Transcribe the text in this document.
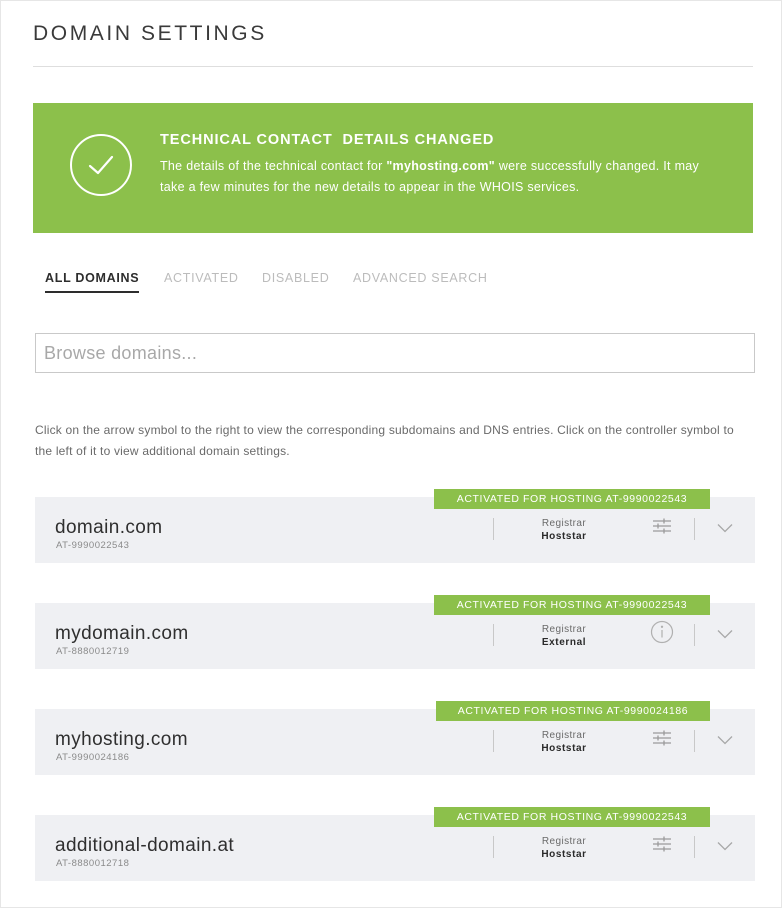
DOMAIN SETTINGS
TECHNICAL CONTACT  DETAILS CHANGED
The details of the technical contact for "myhosting.com" were successfully changed. It may take a few minutes for the new details to appear in the WHOIS services.
ALL DOMAINS ACTIVATED DISABLED ADVANCED SEARCH
Browse domains...

Click on the arrow symbol to the right to view the corresponding subdomains and DNS entries. Click on the controller symbol to the left of it to view additional domain settings.

ACTIVATED FOR HOSTING AT-9990022543
domain.com
AT-9990022543
Registrar
Hoststar
ACTIVATED FOR HOSTING AT-9990022543
mydomain.com
AT-8880012719
Registrar
External
ACTIVATED FOR HOSTING AT-9990024186
myhosting.com
AT-9990024186
Registrar
Hoststar
ACTIVATED FOR HOSTING AT-9990022543
additional-domain.at
AT-8880012718
Registrar
Hoststar
